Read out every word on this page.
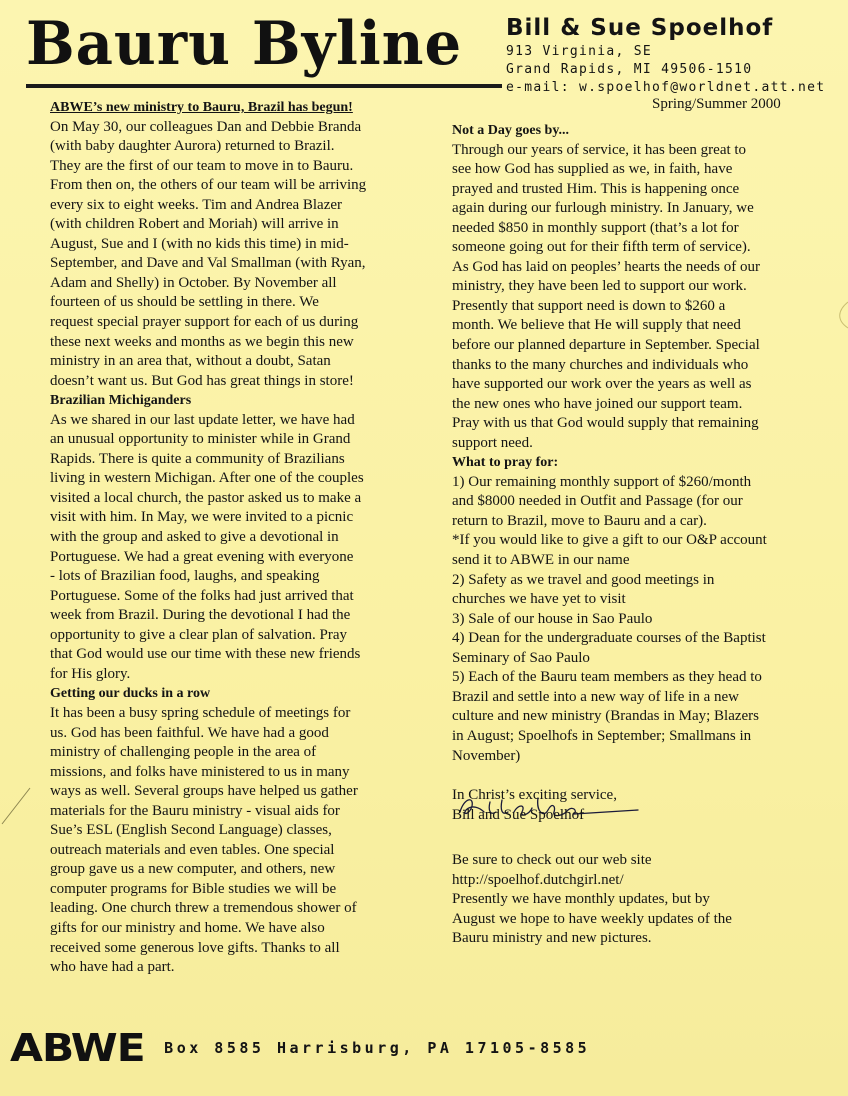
Bauru Byline Bill & Sue Spoelhof
913 Virginia, SE
Grand Rapids, MI 49506-1510
e-mail: w.spoelhof@worldnet.att.net
Spring/Summer 2000

ABWE’s new ministry to Bauru, Brazil has begun!

On May 30, our colleagues Dan and Debbie Branda
(with baby daughter Aurora) returned to Brazil.
They are the first of our team to move in to Bauru.
From then on, the others of our team will be arriving
every six to eight weeks. Tim and Andrea Blazer
(with children Robert and Moriah) will arrive in
August, Sue and I (with no kids this time) in mid-
September, and Dave and Val Smallman (with Ryan,
Adam and Shelly) in October. By November all
fourteen of us should be settling in there. We
request special prayer support for each of us during
these next weeks and months as we begin this new
ministry in an area that, without a doubt, Satan
doesn’t want us. But God has great things in store!

Brazilian Michiganders

As we shared in our last update letter, we have had
an unusual opportunity to minister while in Grand
Rapids. There is quite a community of Brazilians
living in western Michigan. After one of the couples
visited a local church, the pastor asked us to make a
visit with him. In May, we were invited to a picnic
with the group and asked to give a devotional in
Portuguese. We had a great evening with everyone
- lots of Brazilian food, laughs, and speaking
Portuguese. Some of the folks had just arrived that
week from Brazil. During the devotional I had the
opportunity to give a clear plan of salvation. Pray
that God would use our time with these new friends
for His glory.

Getting our ducks in a row

It has been a busy spring schedule of meetings for
us. God has been faithful. We have had a good
ministry of challenging people in the area of
missions, and folks have ministered to us in many
ways as well. Several groups have helped us gather
materials for the Bauru ministry - visual aids for
Sue’s ESL (English Second Language) classes,
outreach materials and even tables. One special
group gave us a new computer, and others, new
computer programs for Bible studies we will be
leading. One church threw a tremendous shower of
gifts for our ministry and home. We have also
received some generous love gifts. Thanks to all
who have had a part.

Not a Day goes by...

Through our years of service, it has been great to
see how God has supplied as we, in faith, have
prayed and trusted Him. This is happening once
again during our furlough ministry. In January, we
needed $850 in monthly support (that’s a lot for
someone going out for their fifth term of service).
As God has laid on peoples’ hearts the needs of our
ministry, they have been led to support our work.
Presently that support need is down to $260 a
month. We believe that He will supply that need
before our planned departure in September. Special
thanks to the many churches and individuals who
have supported our work over the years as well as
the new ones who have joined our support team.
Pray with us that God would supply that remaining
support need.

What to pray for:

1) Our remaining monthly support of $260/month
and $8000 needed in Outfit and Passage (for our
return to Brazil, move to Bauru and a car).
*If you would like to give a gift to our O&P account
send it to ABWE in our name
2) Safety as we travel and good meetings in
churches we have yet to visit
3) Sale of our house in Sao Paulo
4) Dean for the undergraduate courses of the Baptist
Seminary of Sao Paulo
5) Each of the Bauru team members as they head to
Brazil and settle into a new way of life in a new
culture and new ministry (Brandas in May; Blazers
in August; Spoelhofs in September; Smallmans in
November)

In Christ’s exciting service,

Bill and Sue Spoelhof
Be sure to check out our web site
http://spoelhof.dutchgirl.net/
Presently we have monthly updates, but by
August we hope to have weekly updates of the
Bauru ministry and new pictures.
ABWE Box 8585 Harrisburg, PA 17105-8585
